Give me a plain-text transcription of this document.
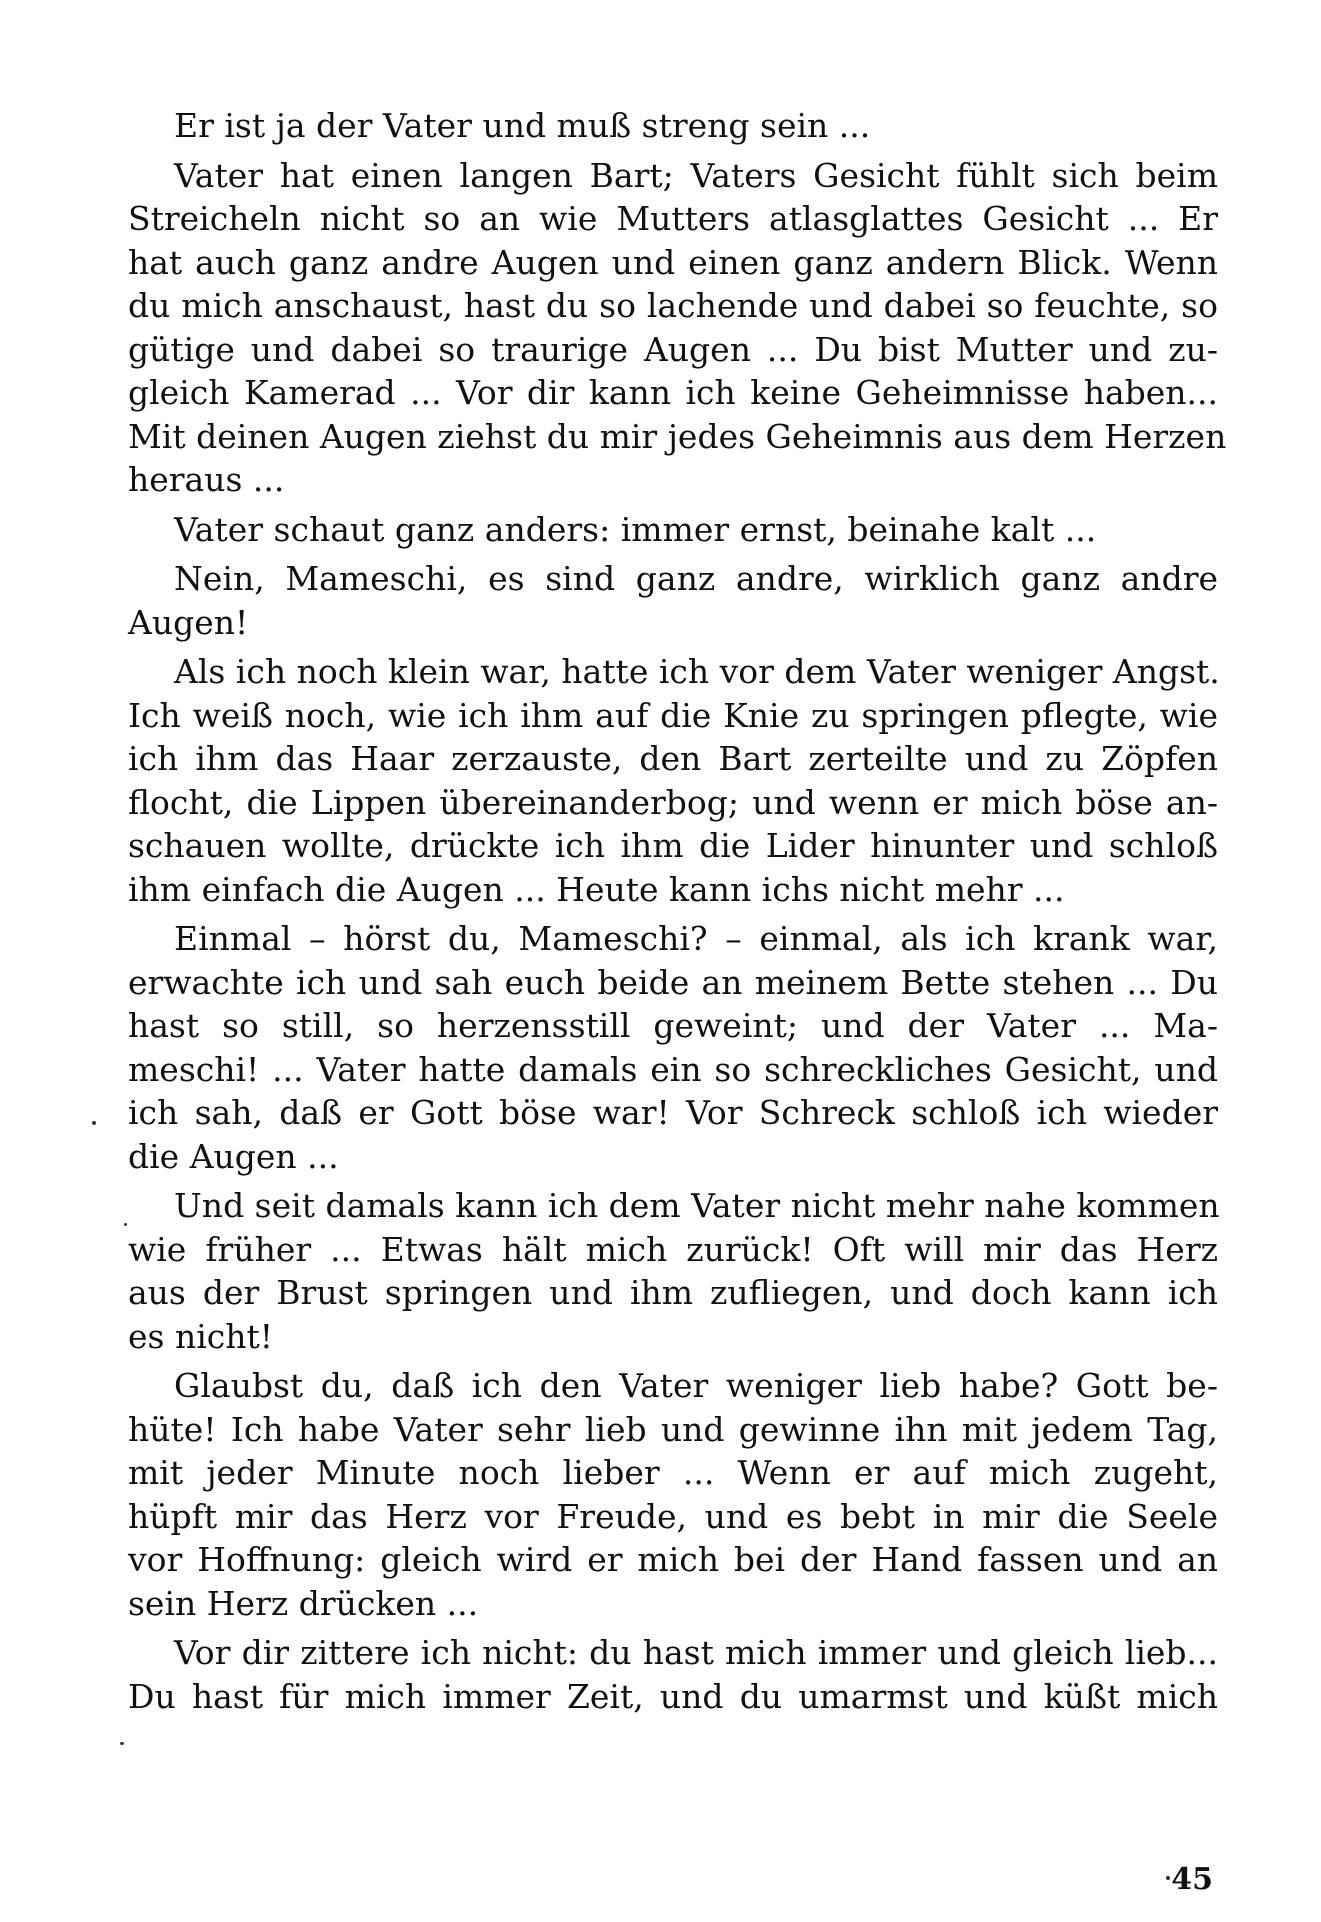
Er ist ja der Vater und muß streng sein ...
Vater hat einen langen Bart; Vaters Gesicht fühlt sich beim
Streicheln nicht so an wie Mutters atlasglattes Gesicht ... Er
hat auch ganz andre Augen und einen ganz andern Blick. Wenn
du mich anschaust, hast du so lachende und dabei so feuchte, so
gütige und dabei so traurige Augen ... Du bist Mutter und zu-
gleich Kamerad ... Vor dir kann ich keine Geheimnisse haben...
Mit deinen Augen ziehst du mir jedes Geheimnis aus dem Herzen
heraus ...
Vater schaut ganz anders: immer ernst, beinahe kalt ...
Nein, Mameschi, es sind ganz andre, wirklich ganz andre
Augen!
Als ich noch klein war, hatte ich vor dem Vater weniger Angst.
Ich weiß noch, wie ich ihm auf die Knie zu springen pflegte, wie
ich ihm das Haar zerzauste, den Bart zerteilte und zu Zöpfen
flocht, die Lippen übereinanderbog; und wenn er mich böse an-
schauen wollte, drückte ich ihm die Lider hinunter und schloß
ihm einfach die Augen ... Heute kann ichs nicht mehr ...
Einmal – hörst du, Mameschi? – einmal, als ich krank war,
erwachte ich und sah euch beide an meinem Bette stehen ... Du
hast so still, so herzensstill geweint; und der Vater ... Ma-
meschi! ... Vater hatte damals ein so schreckliches Gesicht, und
ich sah, daß er Gott böse war! Vor Schreck schloß ich wieder
die Augen ...
Und seit damals kann ich dem Vater nicht mehr nahe kommen
wie früher ... Etwas hält mich zurück! Oft will mir das Herz
aus der Brust springen und ihm zufliegen, und doch kann ich
es nicht!
Glaubst du, daß ich den Vater weniger lieb habe? Gott be-
hüte! Ich habe Vater sehr lieb und gewinne ihn mit jedem Tag,
mit jeder Minute noch lieber ... Wenn er auf mich zugeht,
hüpft mir das Herz vor Freude, und es bebt in mir die Seele
vor Hoffnung: gleich wird er mich bei der Hand fassen und an
sein Herz drücken ...
Vor dir zittere ich nicht: du hast mich immer und gleich lieb...
Du hast für mich immer Zeit, und du umarmst und küßt mich
45
